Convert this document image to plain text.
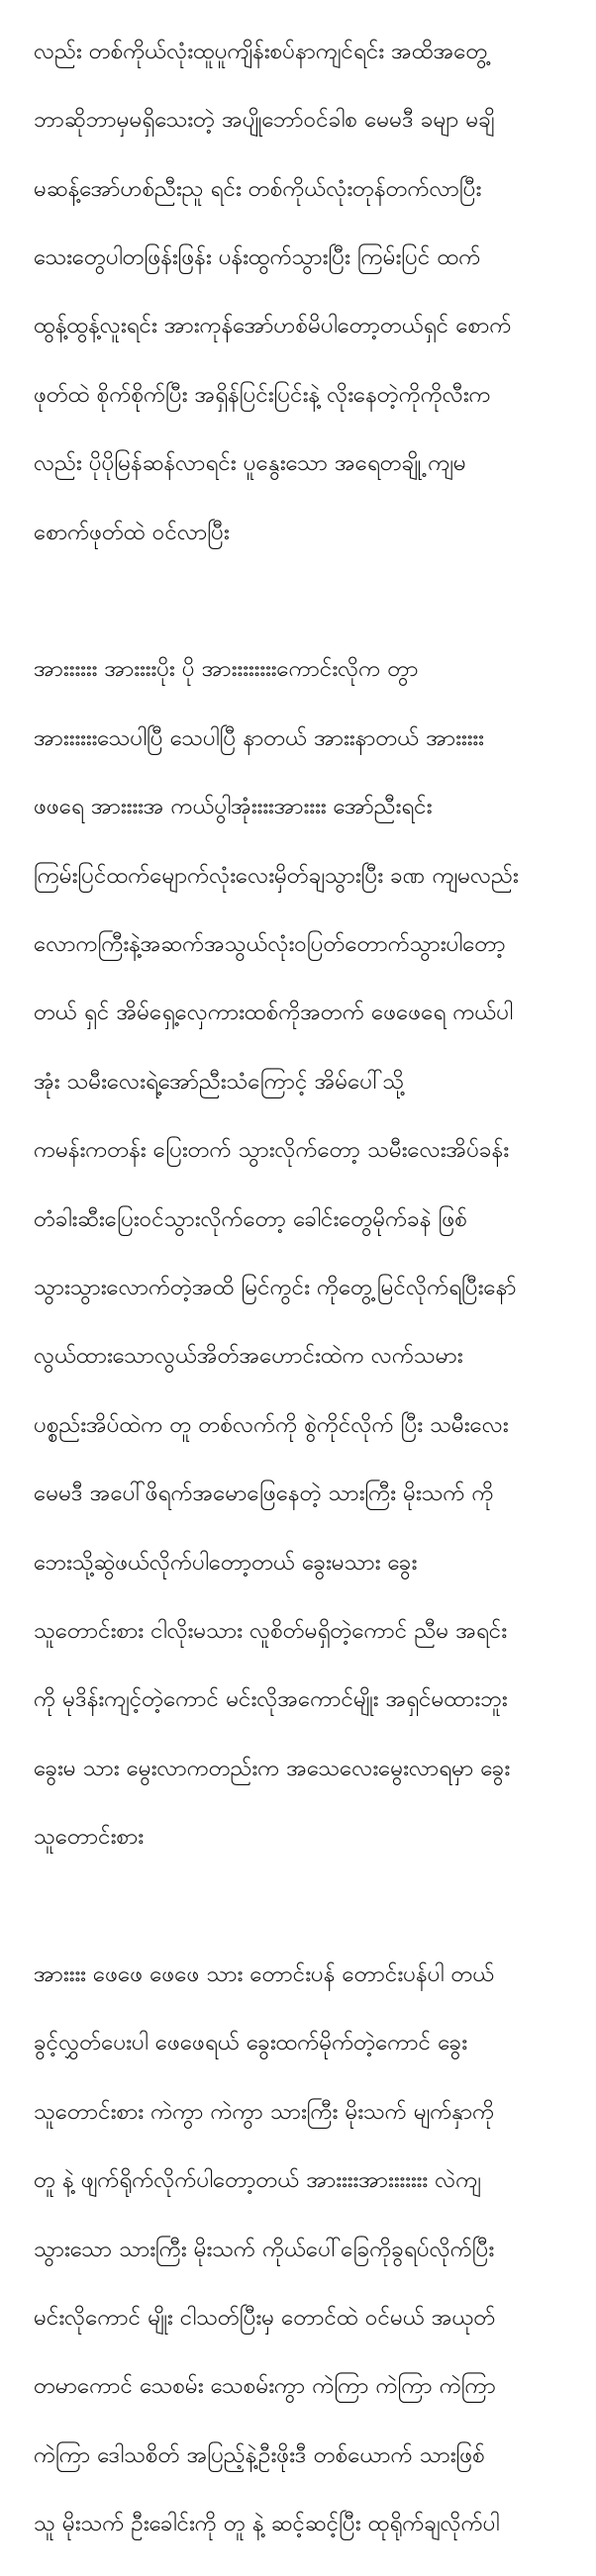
လည်း တစ်ကိုယ်လုံးထူပူကျိန်းစပ်နာကျင်ရင်း အထိအတွေ့

ဘာဆိုဘာမှမရှိသေးတဲ့ အပျိုဘော်ဝင်ခါစ မေမဒီ ခမျာ မချိ

မဆန့်အော်ဟစ်ညီးညူ ရင်း တစ်ကိုယ်လုံးတုန်တက်လာပြီး

သေးတွေပါတဖြန်းဖြန်း ပန်းထွက်သွားပြီး ကြမ်းပြင် ထက်

ထွန့်ထွန့်လူးရင်း အားကုန်အော်ဟစ်မိပါတော့တယ်ရှင် စောက်

ဖုတ်ထဲ စိုက်စိုက်ပြီး အရှိန်ပြင်းပြင်းနဲ့ လိုးနေတဲ့ကိုကိုလီးက

လည်း ပိုပိုမြန်ဆန်လာရင်း ပူနွေးသော အရေတချို့ ကျမ

စောက်ဖုတ်ထဲ ဝင်လာပြီး

အားးးးးး အားးးးပိုး ပို အားးးးးးးးကောင်းလိုက တွာ

အားးးးးးသေပါပြီ သေပါပြီ နာတယ် အားးနာတယ် အားးးးး

ဖဖရေ အားးးးအ ကယ်ပွါအုံးးးးအားးးး အော်ညီးရင်း

ကြမ်းပြင်ထက်မျောက်လုံးလေးမှိတ်ချသွားပြီး ခဏ ကျမလည်း

လောကကြီးနဲ့အဆက်အသွယ်လုံးဝပြတ်တောက်သွားပါတော့

တယ် ရှင် အိမ်ရှေ့လှေကားထစ်ကိုအတက် ဖေဖေရေ ကယ်ပါ

အုံး သမီးလေးရဲ့အော်ညီးသံကြောင့် အိမ်ပေါ်သို့

ကမန်းကတန်း ပြေးတက် သွားလိုက်တော့ သမီးလေးအိပ်ခန်း

တံခါးဆီးပြေးဝင်သွားလိုက်တော့ ခေါင်းတွေမိုက်ခနဲ ဖြစ်

သွားသွားလောက်တဲ့အထိ မြင်ကွင်း ကိုတွေ့မြင်လိုက်ရပြီးနော်

လွယ်ထားသောလွယ်အိတ်အဟောင်းထဲက လက်သမား

ပစ္စည်းအိပ်ထဲက တူ တစ်လက်ကို စွဲကိုင်လိုက် ပြီး သမီးလေး

မေမဒီ အပေါ်ဖိရက်အမောဖြေနေတဲ့ သားကြီး မိုးသက် ကို

ဘေးသို့ဆွဲဖယ်လိုက်ပါတော့တယ် ခွေးမသား ခွေး

သူတောင်းစား ငါလိုးမသား လူစိတ်မရှိတဲ့ကောင် ညီမ အရင်း

ကို မုဒိန်းကျင့်တဲ့ကောင် မင်းလိုအကောင်မျိုး အရှင်မထားဘူး

ခွေးမ သား မွေးလာကတည်းက အသေလေးမွေးလာရမှာ ခွေး

သူတောင်းစား

အားးးး ဖေဖေ ဖေဖေ သား တောင်းပန် တောင်းပန်ပါ တယ်

ခွင့်လွှတ်ပေးပါ ဖေဖေရယ် ခွေးထက်မိုက်တဲ့ကောင် ခွေး

သူတောင်းစား ကဲကွာ ကဲကွာ သားကြီး မိုးသက် မျက်နှာကို

တူ နဲ့ ဖျက်ရိုက်လိုက်ပါတော့တယ် အားးးးအားးးးးးး လဲကျ

သွားသော သားကြီး မိုးသက် ကိုယ်ပေါ်ခြေကိုခွရပ်လိုက်ပြီး

မင်းလိုကောင် မျိုး ငါသတ်ပြီးမှ တောင်ထဲ ဝင်မယ် အယုတ်

တမာကောင် သေစမ်း သေစမ်းကွာ ကဲကြာ ကဲကြာ ကဲကြာ

ကဲကြာ ဒေါသစိတ် အပြည့်နဲ့ဦးဖိုးဒီ တစ်ယောက် သားဖြစ်

သူ မိုးသက် ဦးခေါင်းကို တူ နဲ့ ဆင့်ဆင့်ပြီး ထုရိုက်ချလိုက်ပါ
